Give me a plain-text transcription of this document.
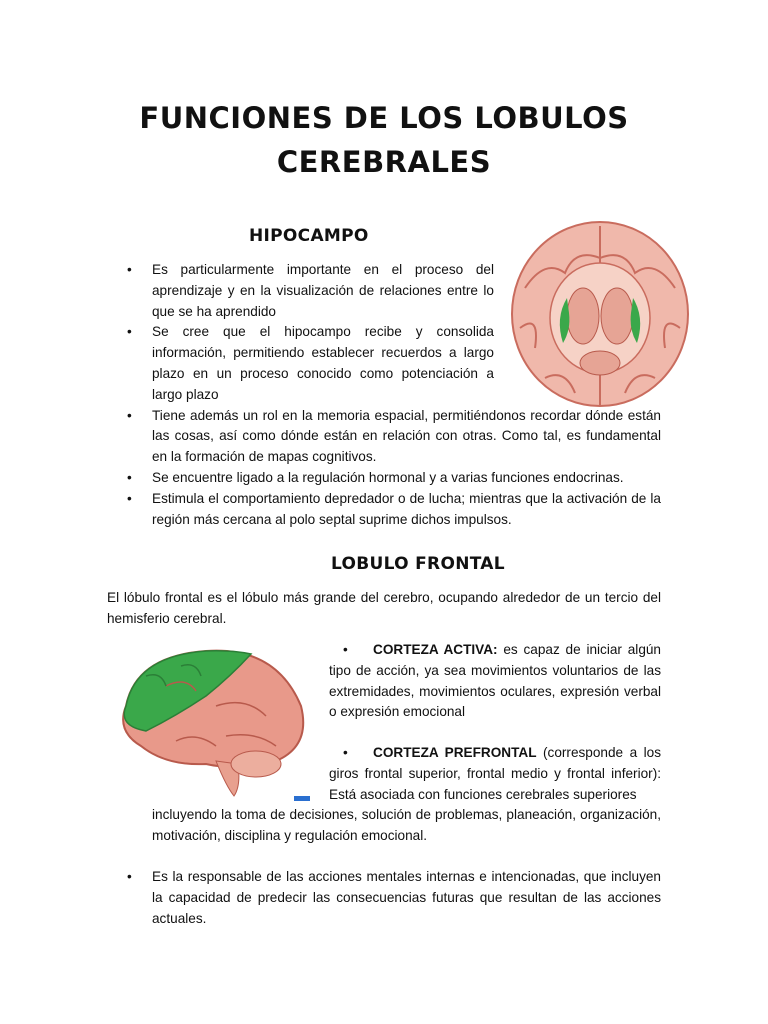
FUNCIONES DE LOS LOBULOS
CEREBRALES
HIPOCAMPO
• Es particularmente importante en el proceso del aprendizaje y en la visualización de relaciones entre lo que se ha aprendido
• Se cree que el hipocampo recibe y consolida información, permitiendo establecer recuerdos a largo plazo en un proceso conocido como potenciación a largo plazo
• Tiene además un rol en la memoria espacial, permitiéndonos recordar dónde están las cosas, así como dónde están en relación con otras. Como tal, es fundamental en la formación de mapas cognitivos.
• Se encuentre ligado a la regulación hormonal y a varias funciones endocrinas.
• Estimula el comportamiento depredador o de lucha; mientras que la activación de la región más cercana al polo septal suprime dichos impulsos.
LOBULO FRONTAL

El lóbulo frontal es el lóbulo más grande del cerebro, ocupando alrededor de un tercio del hemisferio cerebral.

• CORTEZA ACTIVA: es capaz de iniciar algún tipo de acción, ya sea movimientos voluntarios de las extremidades, movimientos oculares, expresión verbal o expresión emocional

• CORTEZA PREFRONTAL (corresponde a los giros frontal superior, frontal medio y frontal inferior): Está asociada con funciones cerebrales superiores

incluyendo la toma de decisiones, solución de problemas, planeación, organización, motivación, disciplina y regulación emocional.

• Es la responsable de las acciones mentales internas e intencionadas, que incluyen la capacidad de predecir las consecuencias futuras que resultan de las acciones actuales.
